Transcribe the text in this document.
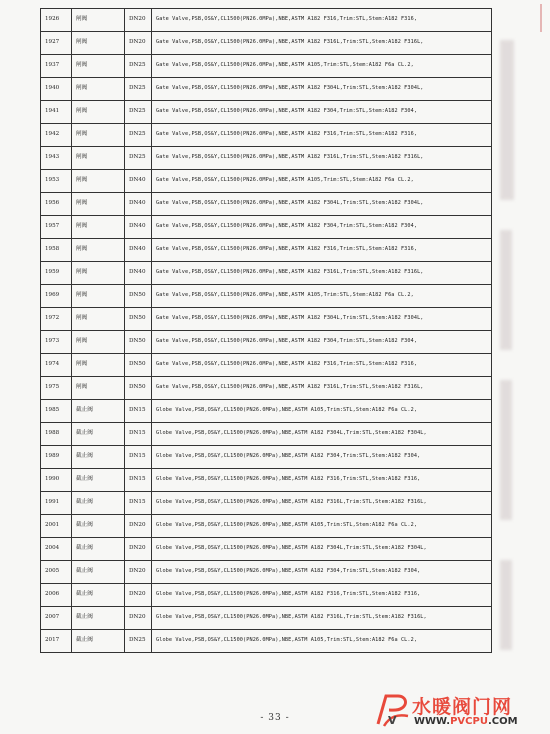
1926	闸阀	DN20	Gate Valve,PSB,OS&Y,CL1500(PN26.0MPa),NBE,ASTM A182 F316,Trim:STL,Stem:A182 F316,
1927	闸阀	DN20	Gate Valve,PSB,OS&Y,CL1500(PN26.0MPa),NBE,ASTM A182 F316L,Trim:STL,Stem:A182 F316L,
1937	闸阀	DN25	Gate Valve,PSB,OS&Y,CL1500(PN26.0MPa),NBE,ASTM A105,Trim:STL,Stem:A182 F6a CL.2,
1940	闸阀	DN25	Gate Valve,PSB,OS&Y,CL1500(PN26.0MPa),NBE,ASTM A182 F304L,Trim:STL,Stem:A182 F304L,
1941	闸阀	DN25	Gate Valve,PSB,OS&Y,CL1500(PN26.0MPa),NBE,ASTM A182 F304,Trim:STL,Stem:A182 F304,
1942	闸阀	DN25	Gate Valve,PSB,OS&Y,CL1500(PN26.0MPa),NBE,ASTM A182 F316,Trim:STL,Stem:A182 F316,
1943	闸阀	DN25	Gate Valve,PSB,OS&Y,CL1500(PN26.0MPa),NBE,ASTM A182 F316L,Trim:STL,Stem:A182 F316L,
1953	闸阀	DN40	Gate Valve,PSB,OS&Y,CL1500(PN26.0MPa),NBE,ASTM A105,Trim:STL,Stem:A182 F6a CL.2,
1956	闸阀	DN40	Gate Valve,PSB,OS&Y,CL1500(PN26.0MPa),NBE,ASTM A182 F304L,Trim:STL,Stem:A182 F304L,
1957	闸阀	DN40	Gate Valve,PSB,OS&Y,CL1500(PN26.0MPa),NBE,ASTM A182 F304,Trim:STL,Stem:A182 F304,
1958	闸阀	DN40	Gate Valve,PSB,OS&Y,CL1500(PN26.0MPa),NBE,ASTM A182 F316,Trim:STL,Stem:A182 F316,
1959	闸阀	DN40	Gate Valve,PSB,OS&Y,CL1500(PN26.0MPa),NBE,ASTM A182 F316L,Trim:STL,Stem:A182 F316L,
1969	闸阀	DN50	Gate Valve,PSB,OS&Y,CL1500(PN26.0MPa),NBE,ASTM A105,Trim:STL,Stem:A182 F6a CL.2,
1972	闸阀	DN50	Gate Valve,PSB,OS&Y,CL1500(PN26.0MPa),NBE,ASTM A182 F304L,Trim:STL,Stem:A182 F304L,
1973	闸阀	DN50	Gate Valve,PSB,OS&Y,CL1500(PN26.0MPa),NBE,ASTM A182 F304,Trim:STL,Stem:A182 F304,
1974	闸阀	DN50	Gate Valve,PSB,OS&Y,CL1500(PN26.0MPa),NBE,ASTM A182 F316,Trim:STL,Stem:A182 F316,
1975	闸阀	DN50	Gate Valve,PSB,OS&Y,CL1500(PN26.0MPa),NBE,ASTM A182 F316L,Trim:STL,Stem:A182 F316L,
1985	截止阀	DN15	Globe Valve,PSB,OS&Y,CL1500(PN26.0MPa),NBE,ASTM A105,Trim:STL,Stem:A182 F6a CL.2,
1988	截止阀	DN15	Globe Valve,PSB,OS&Y,CL1500(PN26.0MPa),NBE,ASTM A182 F304L,Trim:STL,Stem:A182 F304L,
1989	截止阀	DN15	Globe Valve,PSB,OS&Y,CL1500(PN26.0MPa),NBE,ASTM A182 F304,Trim:STL,Stem:A182 F304,
1990	截止阀	DN15	Globe Valve,PSB,OS&Y,CL1500(PN26.0MPa),NBE,ASTM A182 F316,Trim:STL,Stem:A182 F316,
1991	截止阀	DN15	Globe Valve,PSB,OS&Y,CL1500(PN26.0MPa),NBE,ASTM A182 F316L,Trim:STL,Stem:A182 F316L,
2001	截止阀	DN20	Globe Valve,PSB,OS&Y,CL1500(PN26.0MPa),NBE,ASTM A105,Trim:STL,Stem:A182 F6a CL.2,
2004	截止阀	DN20	Globe Valve,PSB,OS&Y,CL1500(PN26.0MPa),NBE,ASTM A182 F304L,Trim:STL,Stem:A182 F304L,
2005	截止阀	DN20	Globe Valve,PSB,OS&Y,CL1500(PN26.0MPa),NBE,ASTM A182 F304,Trim:STL,Stem:A182 F304,
2006	截止阀	DN20	Globe Valve,PSB,OS&Y,CL1500(PN26.0MPa),NBE,ASTM A182 F316,Trim:STL,Stem:A182 F316,
2007	截止阀	DN20	Globe Valve,PSB,OS&Y,CL1500(PN26.0MPa),NBE,ASTM A182 F316L,Trim:STL,Stem:A182 F316L,
2017	截止阀	DN25	Globe Valve,PSB,OS&Y,CL1500(PN26.0MPa),NBE,ASTM A105,Trim:STL,Stem:A182 F6a CL.2,
- 33 -	V
水暖阀门网
WWW.PVCPU.COM
